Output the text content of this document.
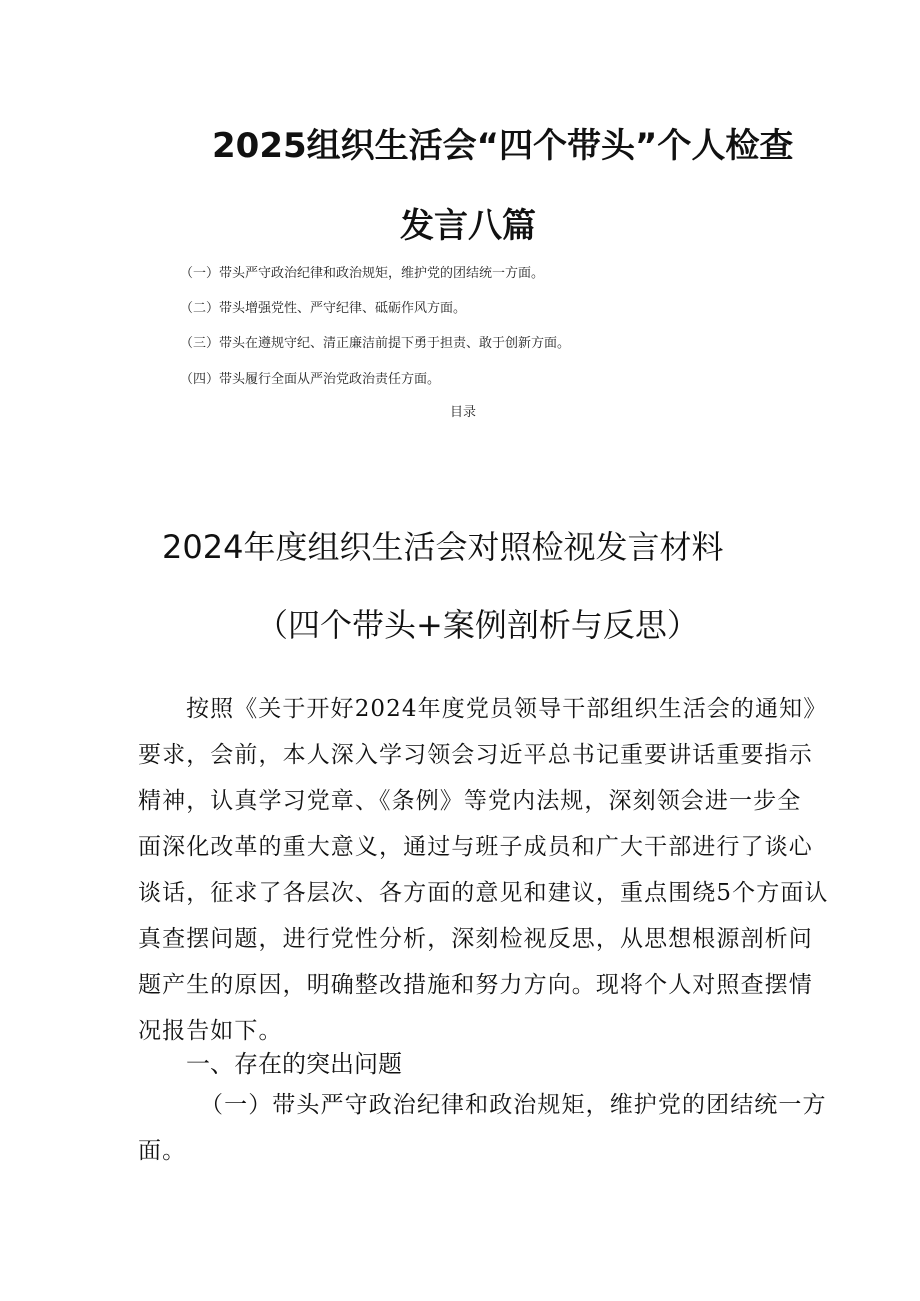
2025组织生活会“四个带头”个人检查
发言八篇
（一）带头严守政治纪律和政治规矩，维护党的团结统一方面。
（二）带头增强党性、严守纪律、砥砺作风方面。
（三）带头在遵规守纪、清正廉洁前提下勇于担责、敢于创新方面。
（四）带头履行全面从严治党政治责任方面。
目录
2024年度组织生活会对照检视发言材料
（四个带头+案例剖析与反思）
按照《关于开好2024年度党员领导干部组织生活会的通知》
要求，会前，本人深入学习领会习近平总书记重要讲话重要指示
精神，认真学习党章、《条例》等党内法规，深刻领会进一步全
面深化改革的重大意义，通过与班子成员和广大干部进行了谈心
谈话，征求了各层次、各方面的意见和建议，重点围绕5个方面认
真查摆问题，进行党性分析，深刻检视反思，从思想根源剖析问
题产生的原因，明确整改措施和努力方向。现将个人对照查摆情
况报告如下。
一、存在的突出问题
（一）带头严守政治纪律和政治规矩，维护党的团结统一方
面。
